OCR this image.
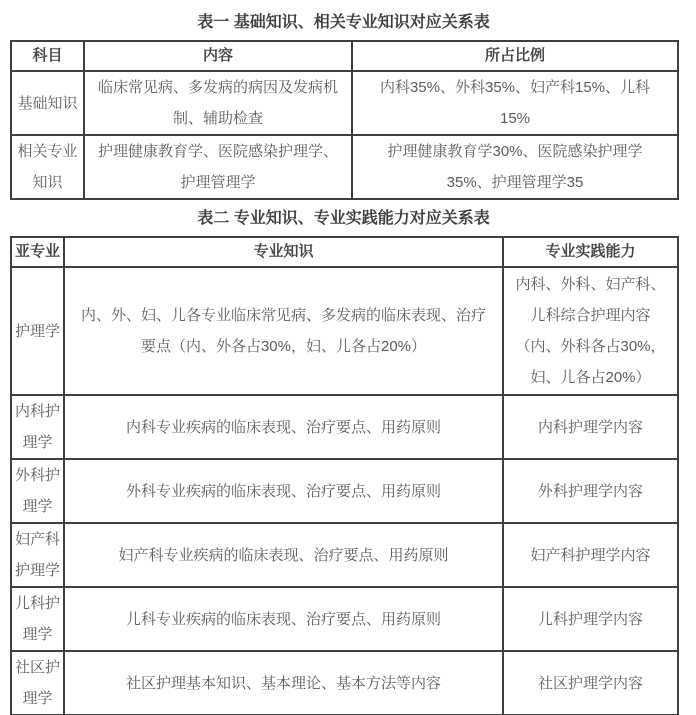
表一 基础知识、相关专业知识对应关系表
科目	内容	所占比例
基础知识	临床常见病、多发病的病因及发病机制、辅助检查	内科35%、外科35%、妇产科15%、儿科15%
相关专业知识	护理健康教育学、医院感染护理学、护理管理学	护理健康教育学30%、医院感染护理学35%、护理管理学35
表二 专业知识、专业实践能力对应关系表
亚专业	专业知识	专业实践能力
护理学	内、外、妇、儿各专业临床常见病、多发病的临床表现、治疗要点（内、外各占30%，妇、儿各占20%）	内科、外科、妇产科、儿科综合护理内容（内、外科各占30%，妇、儿各占20%）
内科护理学	内科专业疾病的临床表现、治疗要点、用药原则	内科护理学内容
外科护理学	外科专业疾病的临床表现、治疗要点、用药原则	外科护理学内容
妇产科护理学	妇产科专业疾病的临床表现、治疗要点、用药原则	妇产科护理学内容
儿科护理学	儿科专业疾病的临床表现、治疗要点、用药原则	儿科护理学内容
社区护理学	社区护理基本知识、基本理论、基本方法等内容	社区护理学内容
